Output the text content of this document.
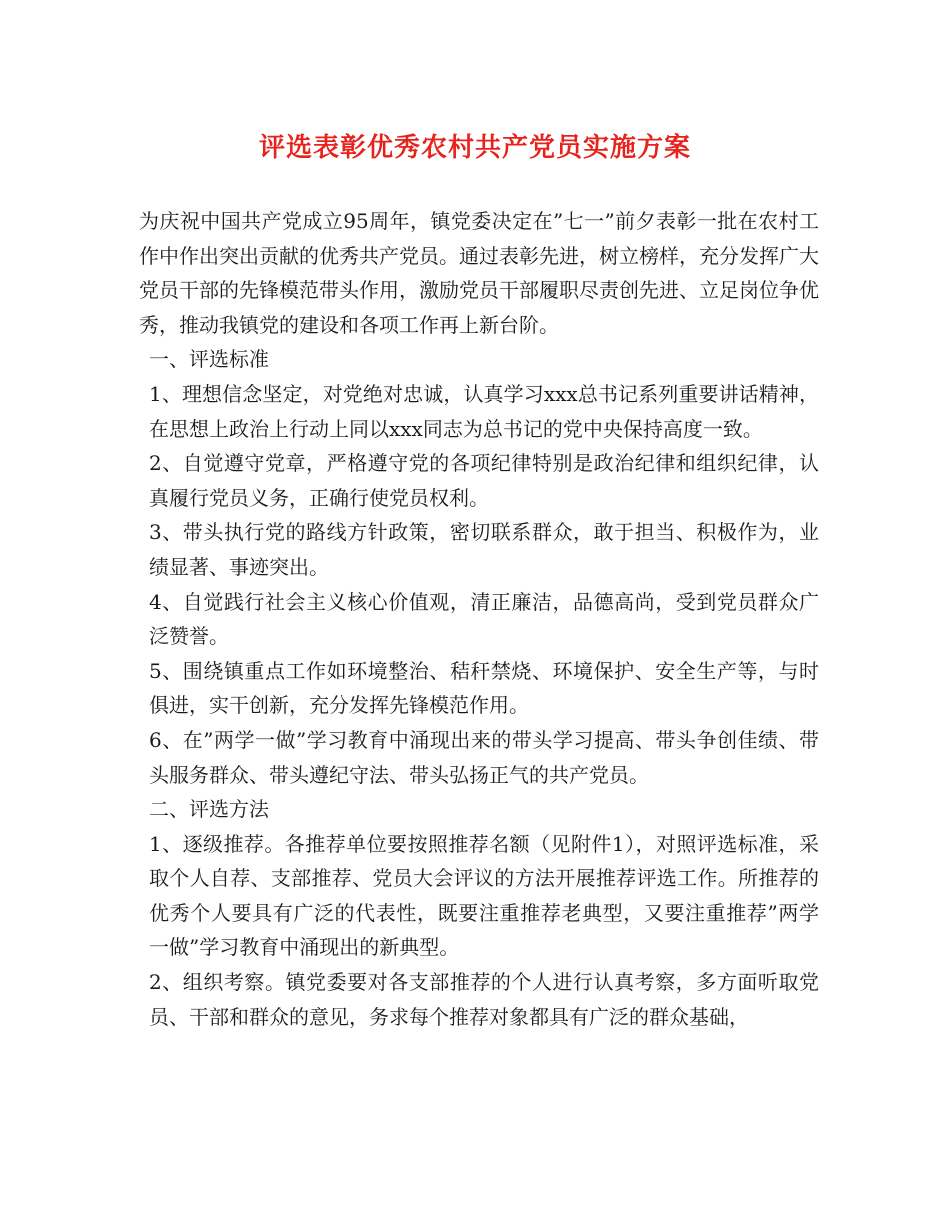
评选表彰优秀农村共产党员实施方案

为庆祝中国共产党成立95周年，镇党委决定在”七一”前夕表彰一批在农村工作中作出突出贡献的优秀共产党员。通过表彰先进，树立榜样，充分发挥广大党员干部的先锋模范带头作用，激励党员干部履职尽责创先进、立足岗位争优秀，推动我镇党的建设和各项工作再上新台阶。

一、评选标准

1、理想信念坚定，对党绝对忠诚，认真学习xxx总书记系列重要讲话精神，在思想上政治上行动上同以xxx同志为总书记的党中央保持高度一致。

2、自觉遵守党章，严格遵守党的各项纪律特别是政治纪律和组织纪律，认真履行党员义务，正确行使党员权利。

3、带头执行党的路线方针政策，密切联系群众，敢于担当、积极作为，业绩显著、事迹突出。

4、自觉践行社会主义核心价值观，清正廉洁，品德高尚，受到党员群众广泛赞誉。

5、围绕镇重点工作如环境整治、秸秆禁烧、环境保护、安全生产等，与时俱进，实干创新，充分发挥先锋模范作用。

6、在”两学一做”学习教育中涌现出来的带头学习提高、带头争创佳绩、带头服务群众、带头遵纪守法、带头弘扬正气的共产党员。

二、评选方法

1、逐级推荐。各推荐单位要按照推荐名额（见附件1），对照评选标准，采取个人自荐、支部推荐、党员大会评议的方法开展推荐评选工作。所推荐的优秀个人要具有广泛的代表性，既要注重推荐老典型，又要注重推荐”两学一做”学习教育中涌现出的新典型。

2、组织考察。镇党委要对各支部推荐的个人进行认真考察，多方面听取党员、干部和群众的意见，务求每个推荐对象都具有广泛的群众基础，
